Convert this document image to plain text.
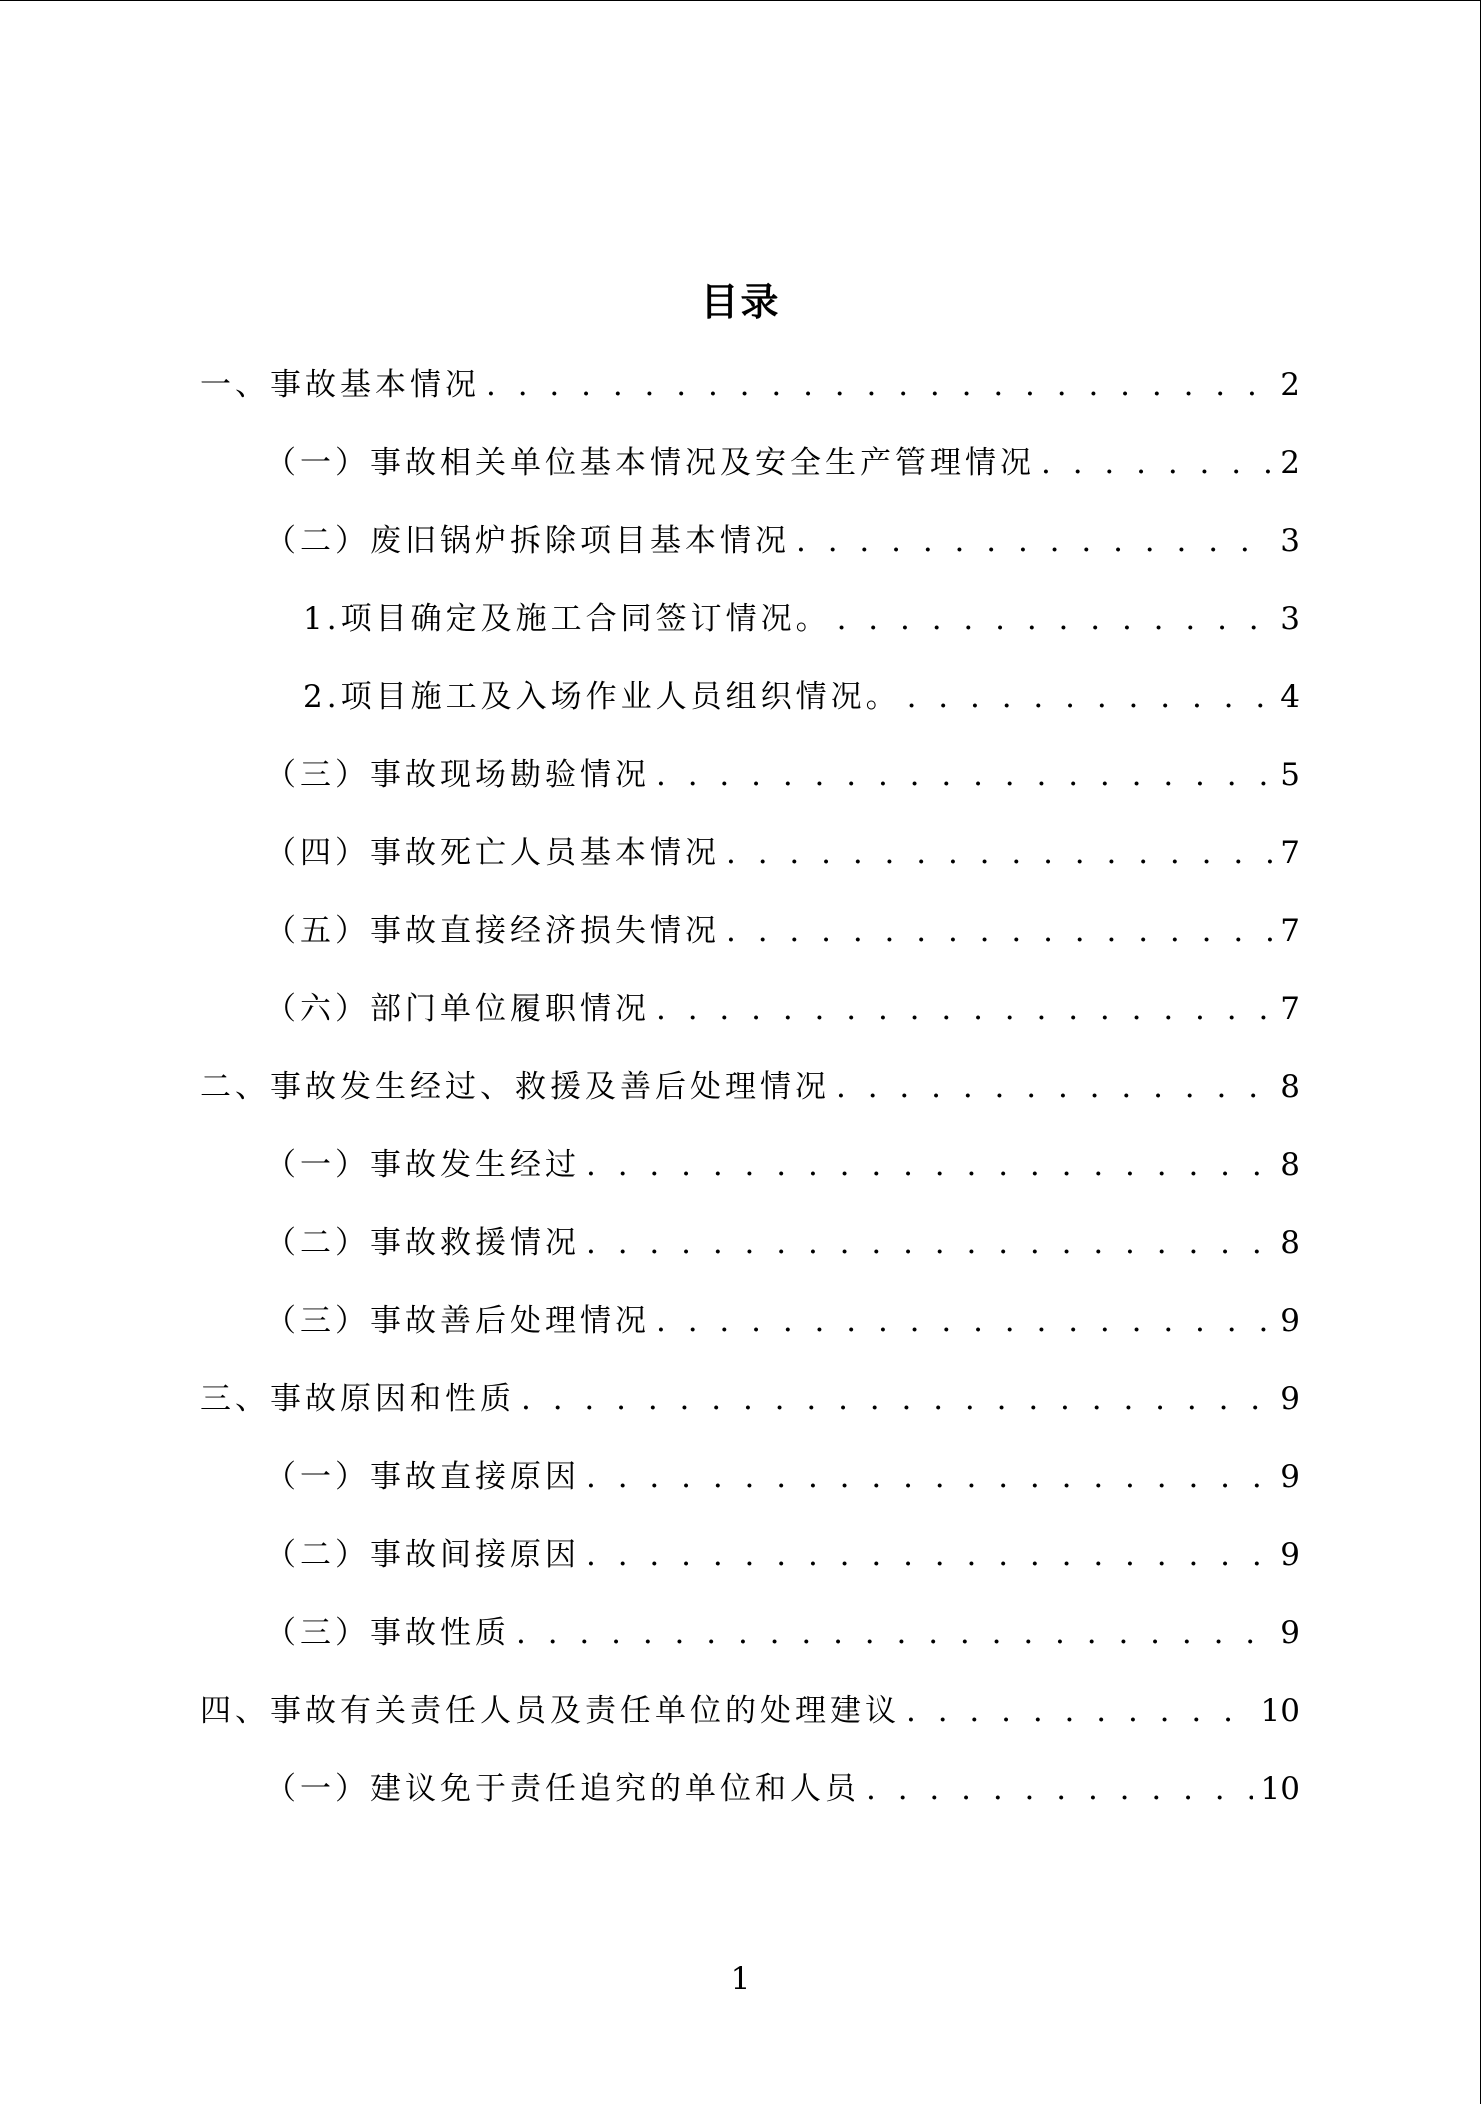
目录
一、事故基本情况 . . .	2
（一）事故相关单位基本情况及安全生产管理情况 . . .	2
（二）废旧锅炉拆除项目基本情况 . . .	3
1.项目确定及施工合同签订情况。 . . .	3
2.项目施工及入场作业人员组织情况。 . . .	4
（三）事故现场勘验情况 . . .	5
（四）事故死亡人员基本情况 . . .	7
（五）事故直接经济损失情况 . . .	7
（六）部门单位履职情况 . . .	7
二、事故发生经过、救援及善后处理情况 . . .	8
（一）事故发生经过 . . .	8
（二）事故救援情况 . . .	8
（三）事故善后处理情况 . . .	9
三、事故原因和性质 . . .	9
（一）事故直接原因 . . .	9
（二）事故间接原因 . . .	9
（三）事故性质 . . .	9
四、事故有关责任人员及责任单位的处理建议 . . .	10
（一）建议免于责任追究的单位和人员 . . .	10
1
